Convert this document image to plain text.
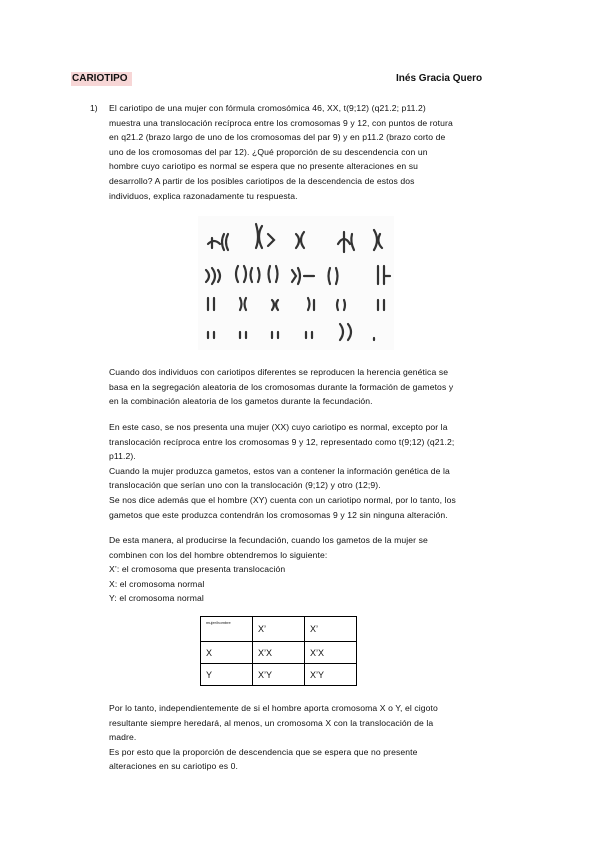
CARIOTIPO	Inés Gracia Quero
1) El cariotipo de una mujer con fórmula cromosómica 46, XX, t(9;12) (q21.2; p11.2)

muestra una translocación recíproca entre los cromosomas 9 y 12, con puntos de rotura

en q21.2 (brazo largo de uno de los cromosomas del par 9) y en p11.2 (brazo corto de

uno de los cromosomas del par 12). ¿Qué proporción de su descendencia con un

hombre cuyo cariotipo es normal se espera que no presente alteraciones en su

desarrollo? A partir de los posibles cariotipos de la descendencia de estos dos

individuos, explica razonadamente tu respuesta.

Cuando dos individuos con cariotipos diferentes se reproducen la herencia genética se

basa en la segregación aleatoria de los cromosomas durante la formación de gametos y

en la combinación aleatoria de los gametos durante la fecundación.

En este caso, se nos presenta una mujer (XX) cuyo cariotipo es normal, excepto por la

translocación recíproca entre los cromosomas 9 y 12, representado como t(9;12) (q21.2;

p11.2).

Cuando la mujer produzca gametos, estos van a contener la información genética de la

translocación que serían uno con la translocación (9;12) y otro (12;9).

Se nos dice además que el hombre (XY) cuenta con un cariotipo normal, por lo tanto, los

gametos que este produzca contendrán los cromosomas 9 y 12 sin ninguna alteración.

De esta manera, al producirse la fecundación, cuando los gametos de la mujer se

combinen con los del hombre obtendremos lo siguiente:

X’: el cromosoma que presenta translocación

X: el cromosoma normal

Y: el cromosoma normal

mujer/hombre	X’	X’
X	X’X	X’X
Y	X’Y	X’Y

Por lo tanto, independientemente de si el hombre aporta cromosoma X o Y, el cigoto

resultante siempre heredará, al menos, un cromosoma X con la translocación de la

madre.

Es por esto que la proporción de descendencia que se espera que no presente

alteraciones en su cariotipo es 0.
